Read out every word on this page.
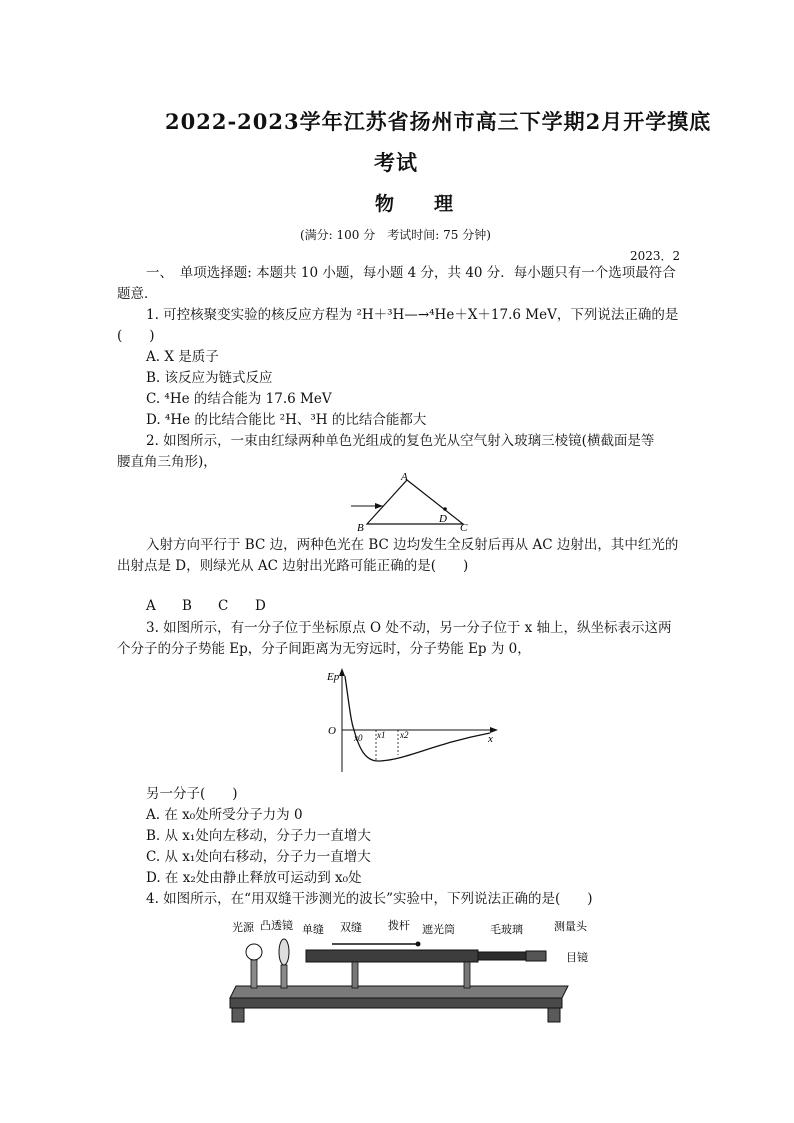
2022-2023学年江苏省扬州市高三下学期2月开学摸底
考试
物理
(满分: 100 分　考试时间: 75 分钟)
2023．2
一、　单项选择题: 本题共 10 小题，每小题 4 分，共 40 分．每小题只有一个选项最符合
题意．
1. 可控核聚变实验的核反应方程为 ²H＋³H—→⁴He＋X＋17.6 MeV，下列说法正确的是
(　　)
A. X 是质子
B. 该反应为链式反应
C. ⁴He 的结合能为 17.6 MeV
D. ⁴He 的比结合能比 ²H、³H 的比结合能都大
2. 如图所示，一束由红绿两种单色光组成的复色光从空气射入玻璃三棱镜(横截面是等
腰直角三角形)，
A
B	C
D
入射方向平行于 BC 边，两种色光在 BC 边均发生全反射后再从 AC 边射出，其中红光的
出射点是 D，则绿光从 AC 边射出光路可能正确的是(　　)
A B C D
3. 如图所示，有一分子位于坐标原点 O 处不动，另一分子位于 x 轴上，纵坐标表示这两
个分子的分子势能 Ep，分子间距离为无穷远时，分子势能 Ep 为 0，
Ep
O
x
x0 x1 x2
另一分子(　　)
A. 在 x₀处所受分子力为 0
B. 从 x₁处向左移动，分子力一直增大
C. 从 x₁处向右移动，分子力一直增大
D. 在 x₂处由静止释放可运动到 x₀处
4. 如图所示，在“用双缝干涉测光的波长”实验中，下列说法正确的是(　　)
光源 凸透镜 单缝 双缝 拨杆 遮光筒	毛玻璃	测量头
目镜
